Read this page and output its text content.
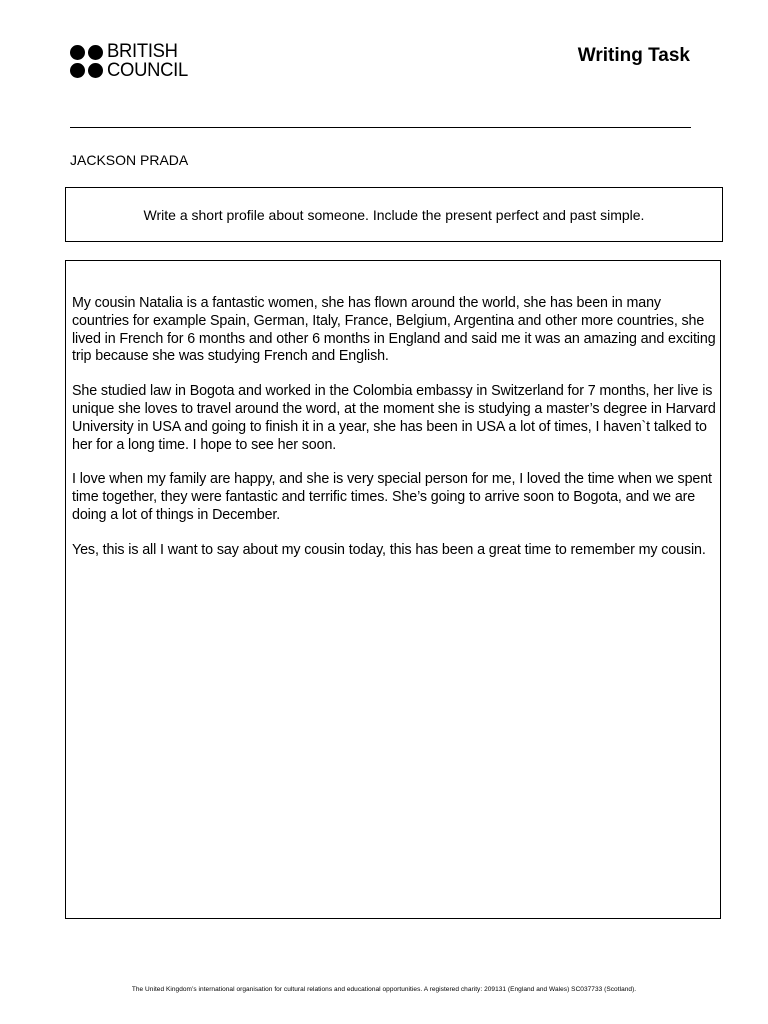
BRITISH
COUNCIL
Writing Task
JACKSON PRADA
Write a short profile about someone. Include the present perfect and past simple.

My cousin Natalia is a fantastic women, she has flown around the world, she has been in many countries for example Spain, German, Italy, France, Belgium, Argentina and other more countries, she lived in French for 6 months and other 6 months in England and said me it was an amazing and exciting trip because she was studying French and English.

She studied law in Bogota and worked in the Colombia embassy in Switzerland for 7 months, her live is unique she loves to travel around the word, at the moment she is studying a master’s degree in Harvard University in USA and going to finish it in a year, she has been in USA a lot of times, I haven`t talked to her for a long time. I hope to see her soon.

I love when my family are happy, and she is very special person for me, I loved the time when we spent time together, they were fantastic and terrific times. She’s going to arrive soon to Bogota, and we are doing a lot of things in December.

Yes, this is all I want to say about my cousin today, this has been a great time to remember my cousin.

The United Kingdom’s international organisation for cultural relations and educational opportunities. A registered charity: 209131 (England and Wales) SC037733 (Scotland).
